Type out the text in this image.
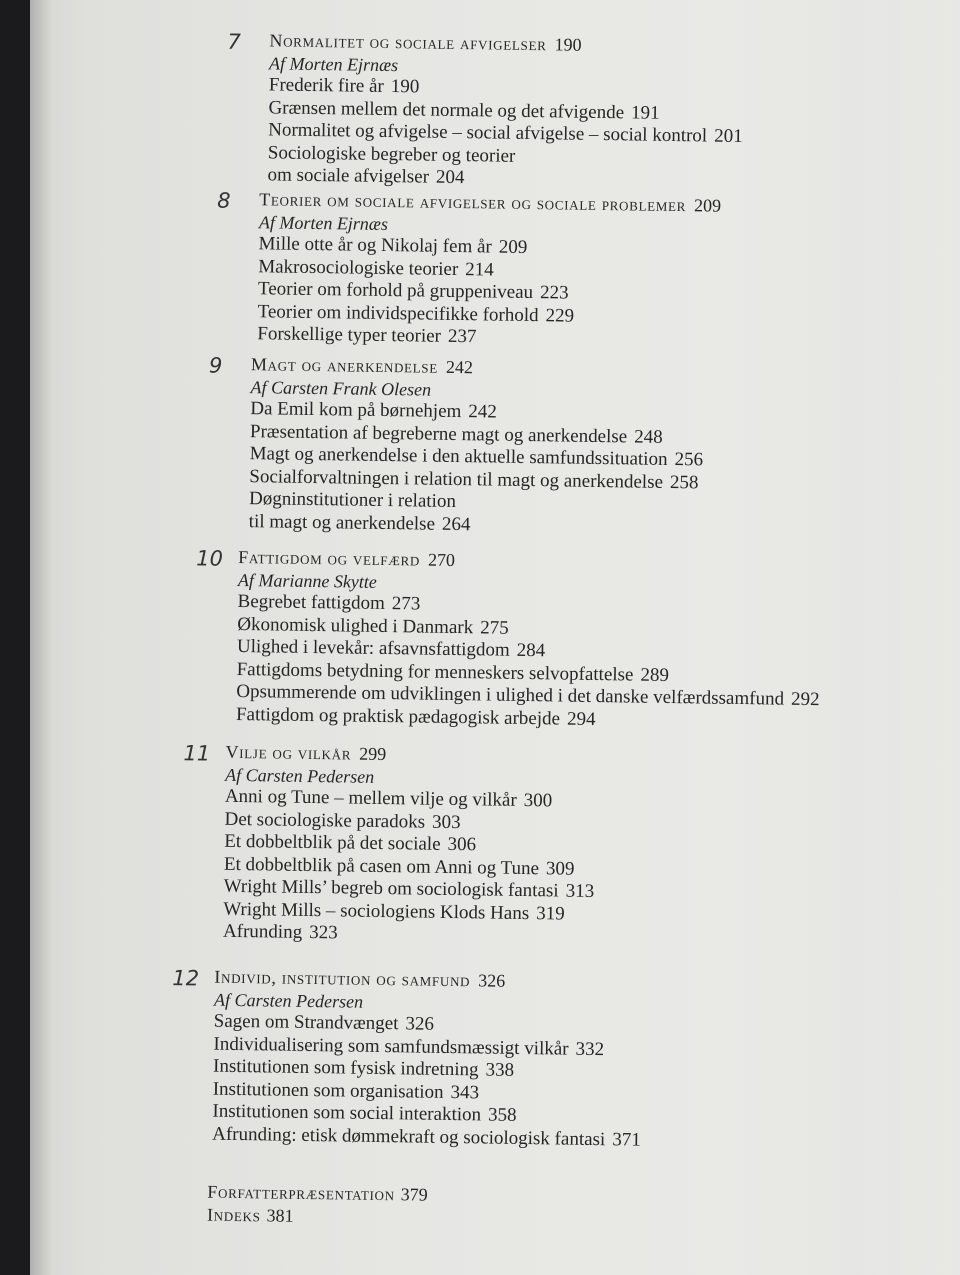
7 Normalitet og sociale afvigelser 190
Af Morten Ejrnæs
Frederik fire år 190
Grænsen mellem det normale og det afvigende 191
Normalitet og afvigelse – social afvigelse – social kontrol 201
Sociologiske begreber og teorier
om sociale afvigelser 204
8 Teorier om sociale afvigelser og sociale problemer 209
Af Morten Ejrnæs
Mille otte år og Nikolaj fem år 209
Makrosociologiske teorier 214
Teorier om forhold på gruppeniveau 223
Teorier om individspecifikke forhold 229
Forskellige typer teorier 237
9 Magt og anerkendelse 242
Af Carsten Frank Olesen
Da Emil kom på børnehjem 242
Præsentation af begreberne magt og anerkendelse 248
Magt og anerkendelse i den aktuelle samfundssituation 256
Socialforvaltningen i relation til magt og anerkendelse 258
Døgninstitutioner i relation
til magt og anerkendelse 264
10 Fattigdom og velfærd 270
Af Marianne Skytte
Begrebet fattigdom 273
Økonomisk ulighed i Danmark 275
Ulighed i levekår: afsavnsfattigdom 284
Fattigdoms betydning for menneskers selvopfattelse 289
Opsummerende om udviklingen i ulighed i det danske velfærdssamfund 292
Fattigdom og praktisk pædagogisk arbejde 294
11 Vilje og vilkår 299
Af Carsten Pedersen
Anni og Tune – mellem vilje og vilkår 300
Det sociologiske paradoks 303
Et dobbeltblik på det sociale 306
Et dobbeltblik på casen om Anni og Tune 309
Wright Mills’ begreb om sociologisk fantasi 313
Wright Mills – sociologiens Klods Hans 319
Afrunding 323
12 Individ, institution og samfund 326
Af Carsten Pedersen
Sagen om Strandvænget 326
Individualisering som samfundsmæssigt vilkår 332
Institutionen som fysisk indretning 338
Institutionen som organisation 343
Institutionen som social interaktion 358
Afrunding: etisk dømmekraft og sociologisk fantasi 371
Forfatterpræsentation 379
Indeks 381
